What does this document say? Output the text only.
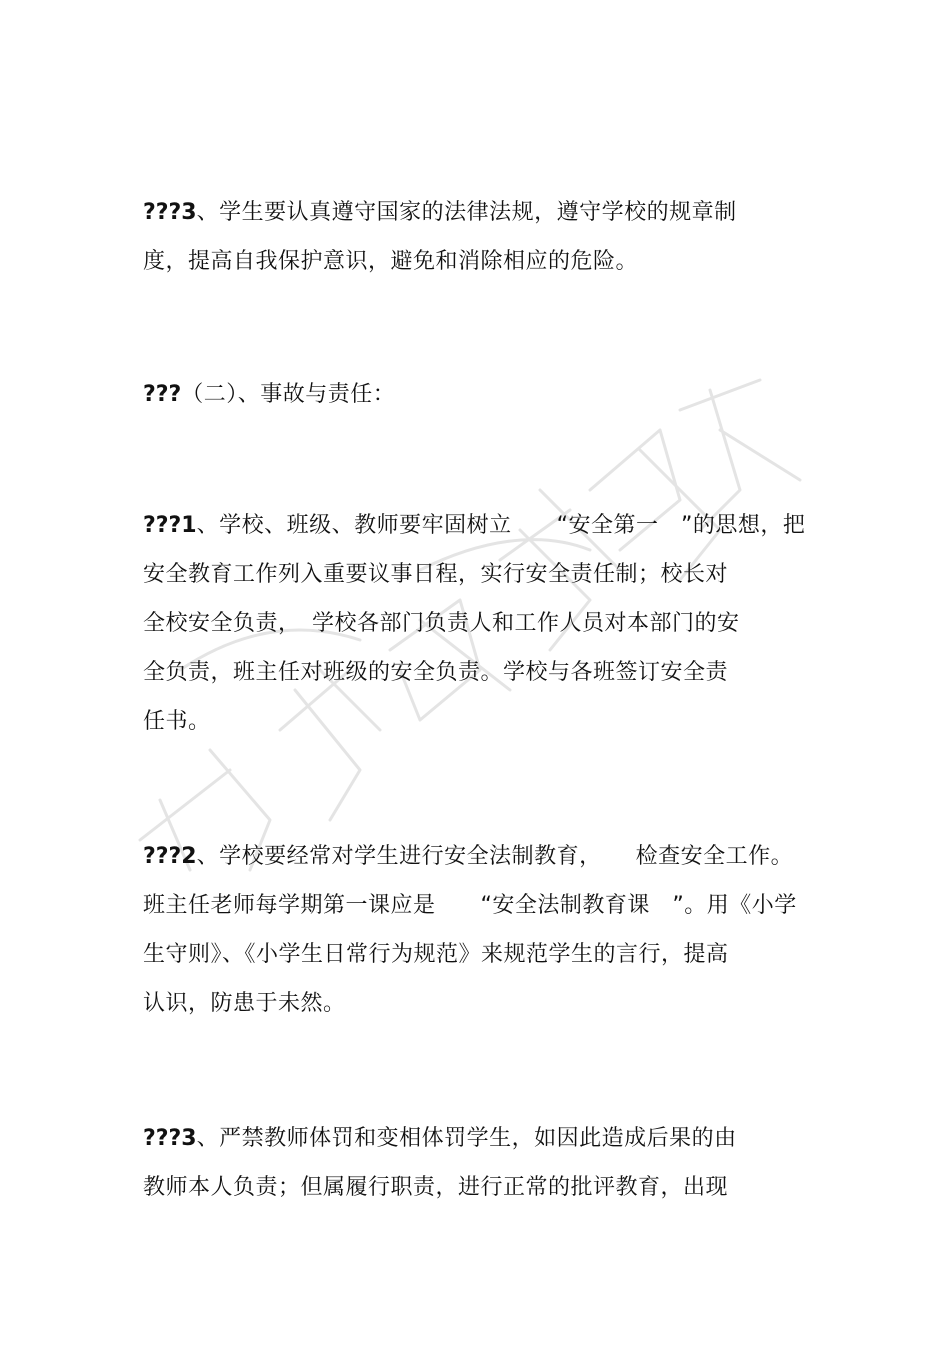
???3、学生要认真遵守国家的法律法规，遵守学校的规章制
度，提高自我保护意识，避免和消除相应的危险。
???（二）、事故与责任：
???1、学校、班级、教师要牢固树立　　“安全第一　”的思想，把
安全教育工作列入重要议事日程，实行安全责任制；校长对
全校安全负责，　学校各部门负责人和工作人员对本部门的安
全负责，班主任对班级的安全负责。学校与各班签订安全责
任书。
???2、学校要经常对学生进行安全法制教育，　　检查安全工作。
班主任老师每学期第一课应是　　“安全法制教育课　”。用《小学
生守则》、《小学生日常行为规范》来规范学生的言行，提高
认识，防患于未然。
???3、严禁教师体罚和变相体罚学生，如因此造成后果的由
教师本人负责；但属履行职责，进行正常的批评教育，出现
